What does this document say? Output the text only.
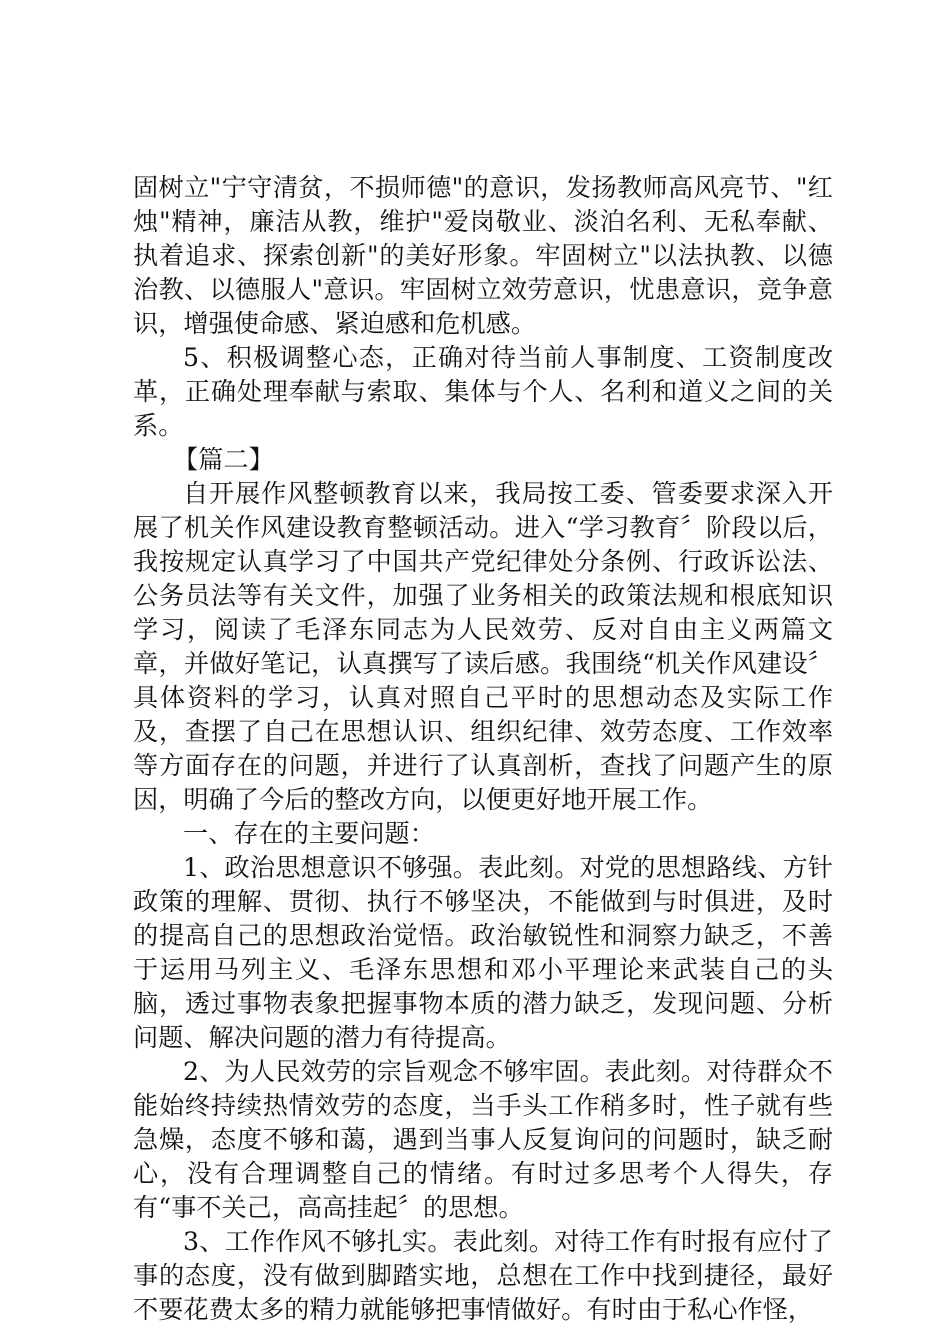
固树立"宁守清贫，不损师德"的意识，发扬教师高风亮节、"红烛"精神，廉洁从教，维护"爱岗敬业、淡泊名利、无私奉献、执着追求、探索创新"的美好形象。牢固树立"以法执教、以德治教、以德服人"意识。牢固树立效劳意识，忧患意识，竞争意识，增强使命感、紧迫感和危机感。

5、积极调整心态，正确对待当前人事制度、工资制度改革，正确处理奉献与索取、集体与个人、名利和道义之间的关系。

【篇二】

自开展作风整顿教育以来，我局按工委、管委要求深入开展了机关作风建设教育整顿活动。进入“学习教育〞阶段以后，我按规定认真学习了中国共产党纪律处分条例、行政诉讼法、公务员法等有关文件，加强了业务相关的政策法规和根底知识学习，阅读了毛泽东同志为人民效劳、反对自由主义两篇文章，并做好笔记，认真撰写了读后感。我围绕“机关作风建设〞具体资料的学习，认真对照自己平时的思想动态及实际工作及，查摆了自己在思想认识、组织纪律、效劳态度、工作效率等方面存在的问题，并进行了认真剖析，查找了问题产生的原因，明确了今后的整改方向，以便更好地开展工作。

一、存在的主要问题：

1、政治思想意识不够强。表此刻。对党的思想路线、方针政策的理解、贯彻、执行不够坚决，不能做到与时俱进，及时的提高自己的思想政治觉悟。政治敏锐性和洞察力缺乏，不善于运用马列主义、毛泽东思想和邓小平理论来武装自己的头脑，透过事物表象把握事物本质的潜力缺乏，发现问题、分析问题、解决问题的潜力有待提高。

2、为人民效劳的宗旨观念不够牢固。表此刻。对待群众不能始终持续热情效劳的态度，当手头工作稍多时，性子就有些急燥，态度不够和蔼，遇到当事人反复询问的问题时，缺乏耐心，没有合理调整自己的情绪。有时过多思考个人得失，存有“事不关己，高高挂起〞的思想。

3、工作作风不够扎实。表此刻。对待工作有时报有应付了事的态度，没有做到脚踏实地，总想在工作中找到捷径，最好不要花费太多的精力就能够把事情做好。有时由于私心作怪，
